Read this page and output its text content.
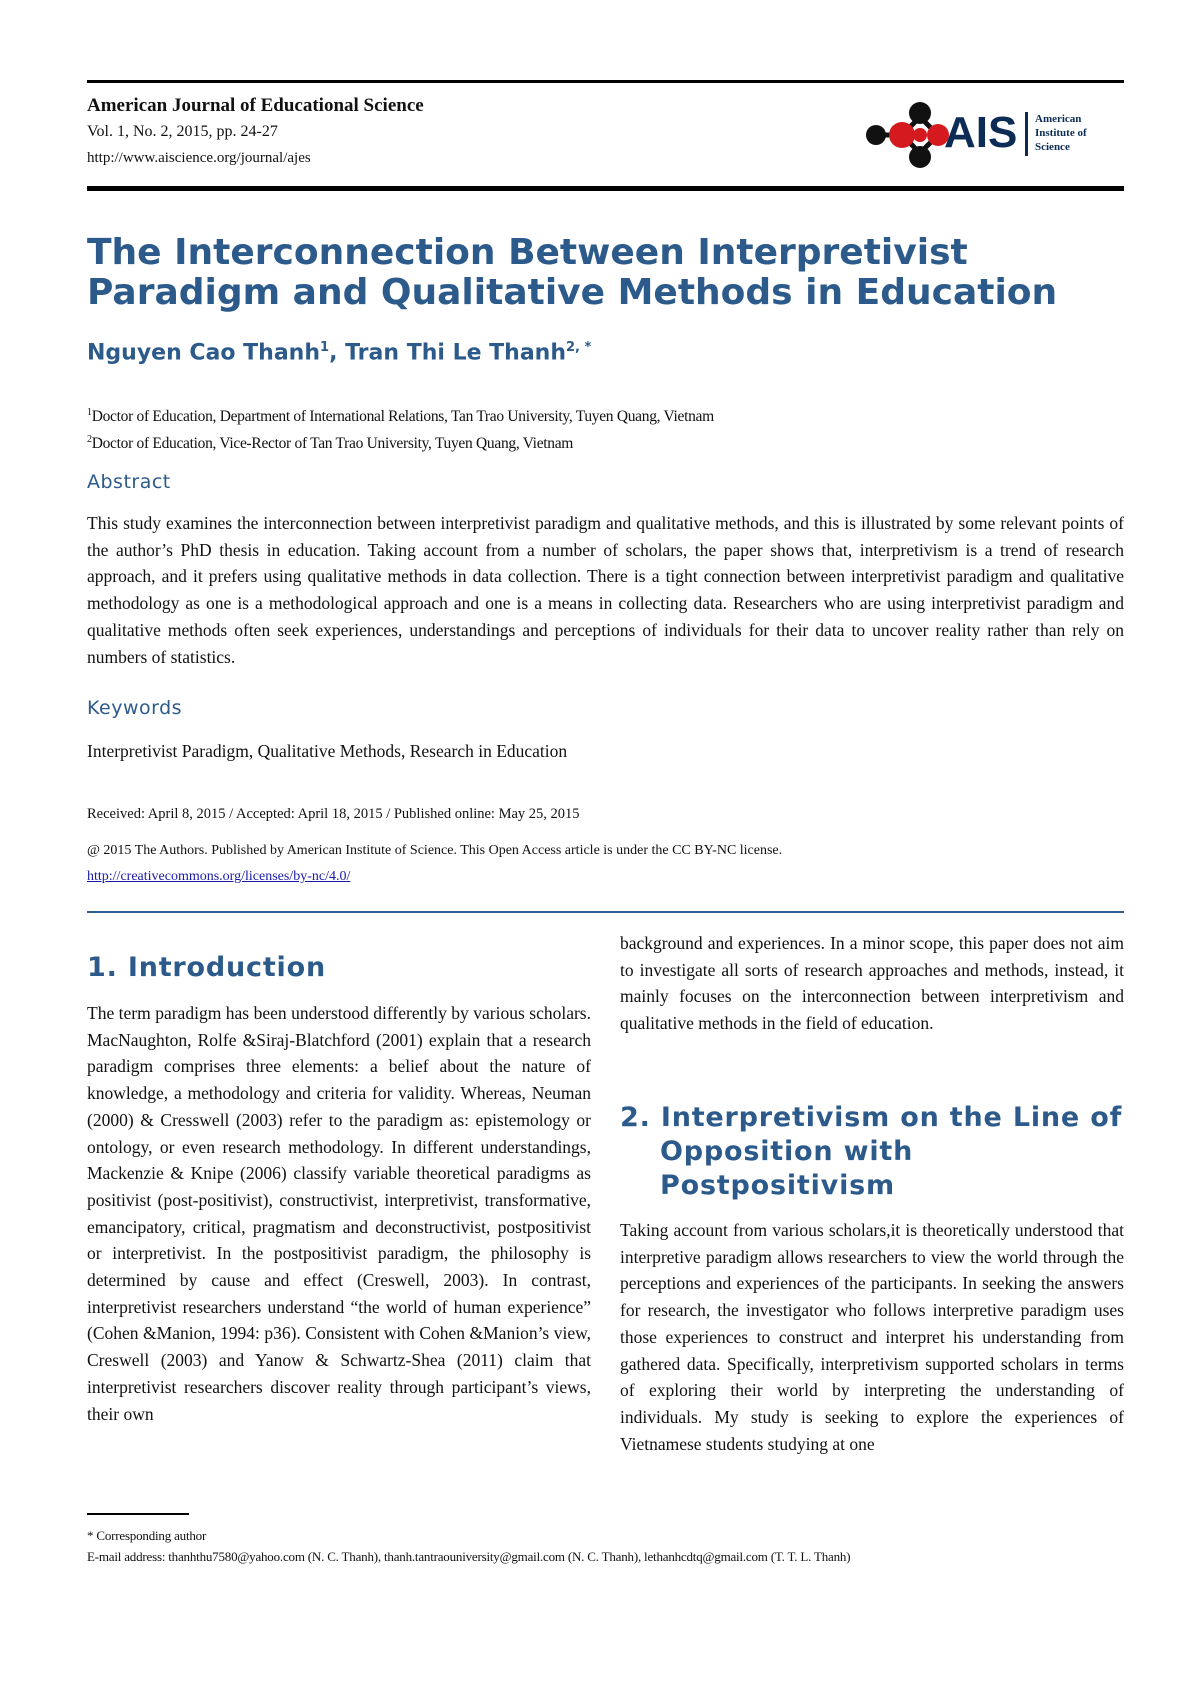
American Journal of Educational Science
Vol. 1, No. 2, 2015, pp. 24-27
http://www.aiscience.org/journal/ajes
AIS American
Institute of
Science
The Interconnection Between Interpretivist
Paradigm and Qualitative Methods in Education
Nguyen Cao Thanh$^1$, Tran Thi Le Thanh$^{2, *}$
$^1$Doctor of Education, Department of International Relations, Tan Trao University, Tuyen Quang, Vietnam
$^2$Doctor of Education, Vice-Rector of Tan Trao University, Tuyen Quang, Vietnam
Abstract

This study examines the interconnection between interpretivist paradigm and qualitative methods, and this is illustrated by some relevant points of the author’s PhD thesis in education. Taking account from a number of scholars, the paper shows that, interpretivism is a trend of research approach, and it prefers using qualitative methods in data collection. There is a tight connection between interpretivist paradigm and qualitative methodology as one is a methodological approach and one is a means in collecting data. Researchers who are using interpretivist paradigm and qualitative methods often seek experiences, understandings and perceptions of individuals for their data to uncover reality rather than rely on numbers of statistics.

Keywords
Interpretivist Paradigm, Qualitative Methods, Research in Education
Received: April 8, 2015 / Accepted: April 18, 2015 / Published online: May 25, 2015
@ 2015 The Authors. Published by American Institute of Science. This Open Access article is under the CC BY-NC license.
http://creativecommons.org/licenses/by-nc/4.0/
1. Introduction

The term paradigm has been understood differently by various scholars. MacNaughton, Rolfe &Siraj-Blatchford (2001) explain that a research paradigm comprises three elements: a belief about the nature of knowledge, a methodology and criteria for validity. Whereas, Neuman (2000) & Cresswell (2003) refer to the paradigm as: epistemology or ontology, or even research methodology. In different understandings, Mackenzie & Knipe (2006) classify variable theoretical paradigms as positivist (post-positivist), constructivist, interpretivist, transformative, emancipatory, critical, pragmatism and deconstructivist, postpositivist or interpretivist. In the postpositivist paradigm, the philosophy is determined by cause and effect (Creswell, 2003). In contrast, interpretivist researchers understand “the world of human experience” (Cohen &Manion, 1994: p36). Consistent with Cohen &Manion’s view, Creswell (2003) and Yanow & Schwartz-Shea (2011) claim that interpretivist researchers discover reality through participant’s views, their own

background and experiences. In a minor scope, this paper does not aim to investigate all sorts of research approaches and methods, instead, it mainly focuses on the interconnection between interpretivism and qualitative methods in the field of education.

2. Interpretivism on the Line of
Opposition with
Postpositivism

Taking account from various scholars,it is theoretically understood that interpretive paradigm allows researchers to view the world through the perceptions and experiences of the participants. In seeking the answers for research, the investigator who follows interpretive paradigm uses those experiences to construct and interpret his understanding from gathered data. Specifically, interpretivism supported scholars in terms of exploring their world by interpreting the understanding of individuals. My study is seeking to explore the experiences of Vietnamese students studying at one

* Corresponding author
E-mail address: thanhthu7580@yahoo.com (N. C. Thanh), thanh.tantraouniversity@gmail.com (N. C. Thanh), lethanhcdtq@gmail.com (T. T. L. Thanh)
